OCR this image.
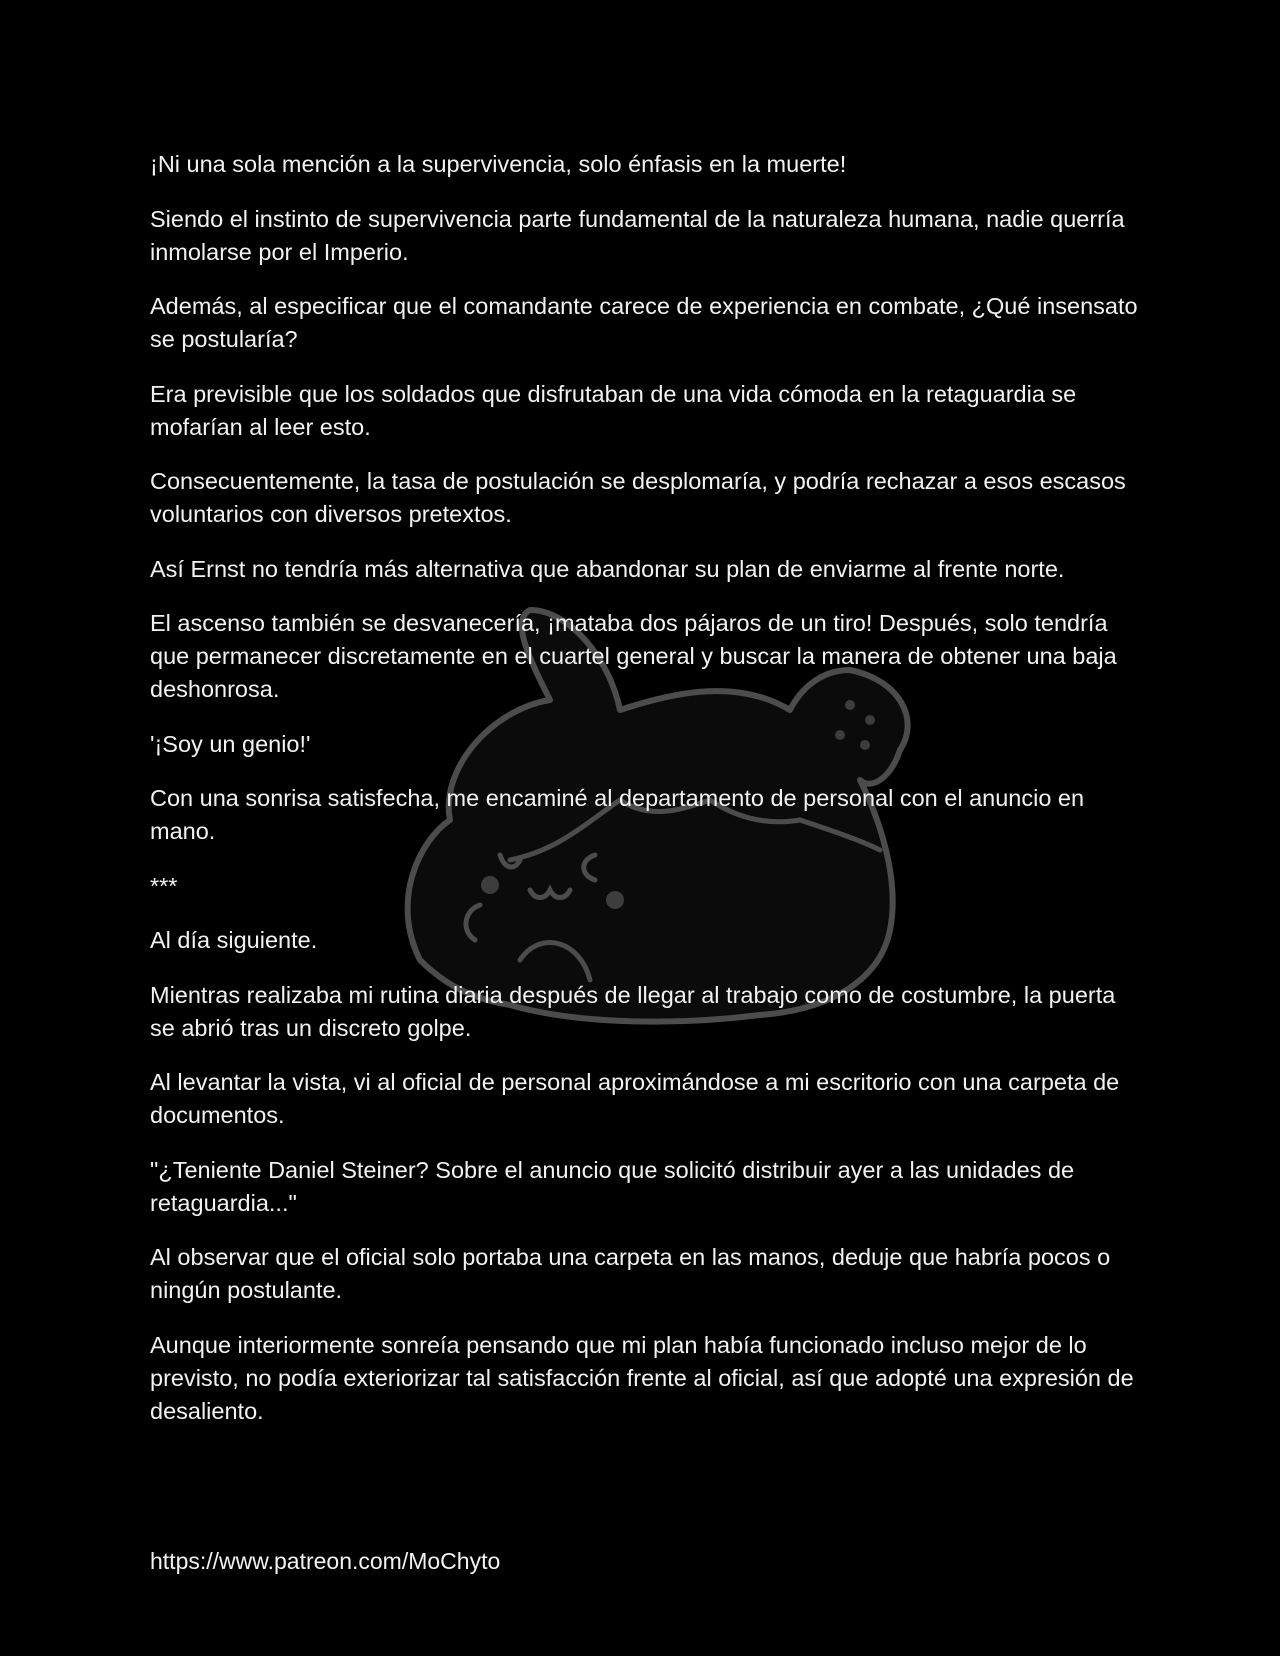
¡Ni una sola mención a la supervivencia, solo énfasis en la muerte!

Siendo el instinto de supervivencia parte fundamental de la naturaleza humana, nadie querría inmolarse por el Imperio.

Además, al especificar que el comandante carece de experiencia en combate, ¿Qué insensato se postularía?

Era previsible que los soldados que disfrutaban de una vida cómoda en la retaguardia se mofarían al leer esto.

Consecuentemente, la tasa de postulación se desplomaría, y podría rechazar a esos escasos voluntarios con diversos pretextos.

Así Ernst no tendría más alternativa que abandonar su plan de enviarme al frente norte.

El ascenso también se desvanecería, ¡mataba dos pájaros de un tiro! Después, solo tendría que permanecer discretamente en el cuartel general y buscar la manera de obtener una baja deshonrosa.

'¡Soy un genio!'

Con una sonrisa satisfecha, me encaminé al departamento de personal con el anuncio en mano.

***

Al día siguiente.

Mientras realizaba mi rutina diaria después de llegar al trabajo como de costumbre, la puerta se abrió tras un discreto golpe.

Al levantar la vista, vi al oficial de personal aproximándose a mi escritorio con una carpeta de documentos.

"¿Teniente Daniel Steiner? Sobre el anuncio que solicitó distribuir ayer a las unidades de retaguardia..."

Al observar que el oficial solo portaba una carpeta en las manos, deduje que habría pocos o ningún postulante.

Aunque interiormente sonreía pensando que mi plan había funcionado incluso mejor de lo previsto, no podía exteriorizar tal satisfacción frente al oficial, así que adopté una expresión de desaliento.

https://www.patreon.com/MoChyto
